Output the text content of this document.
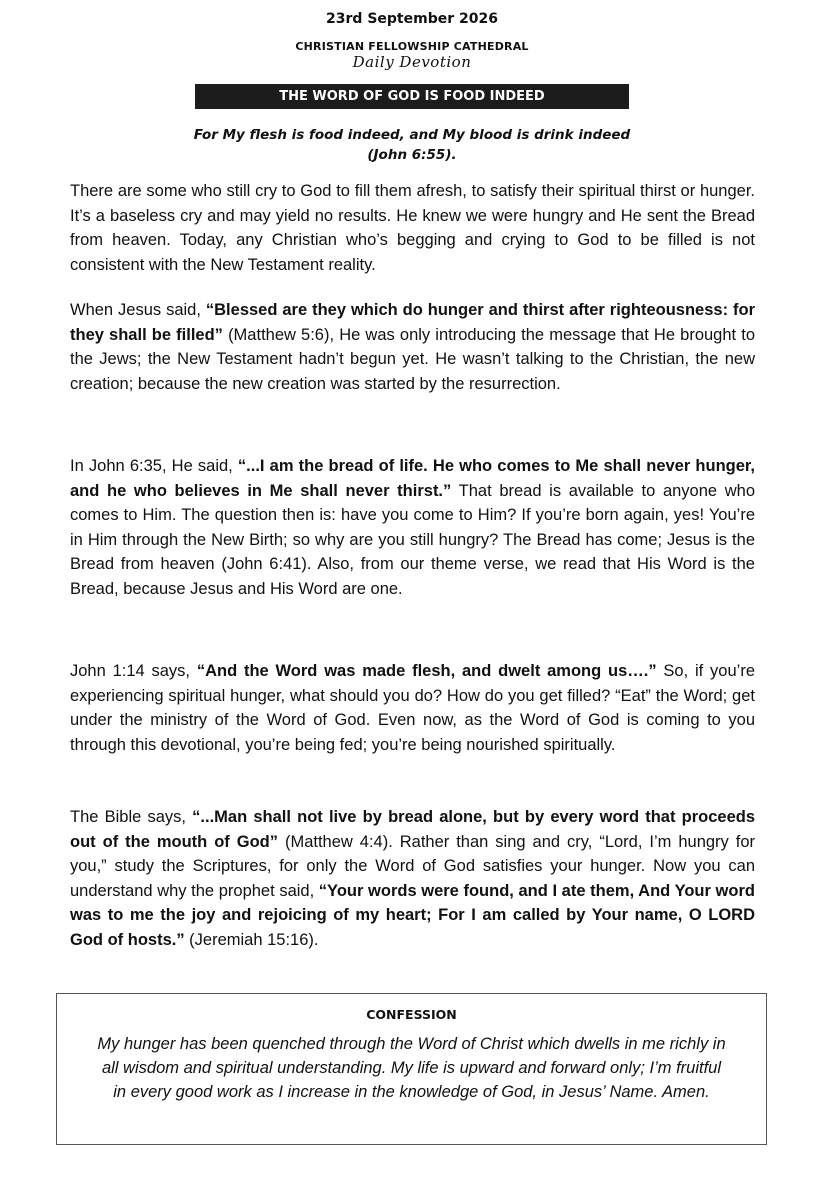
23rd September 2026
CHRISTIAN FELLOWSHIP CATHEDRAL
Daily Devotion
THE WORD OF GOD IS FOOD INDEED
For My flesh is food indeed, and My blood is drink indeed
(John 6:55).

There are some who still cry to God to fill them afresh, to satisfy their spiritual thirst or hunger. It’s a baseless cry and may yield no results. He knew we were hungry and He sent the Bread from heaven. Today, any Christian who’s begging and crying to God to be filled is not consistent with the New Testament reality.

When Jesus said, “Blessed are they which do hunger and thirst after righteousness: for they shall be filled” (Matthew 5:6), He was only introducing the message that He brought to the Jews; the New Testament hadn’t begun yet. He wasn’t talking to the Christian, the new creation; because the new creation was started by the resurrection.

In John 6:35, He said, “...I am the bread of life. He who comes to Me shall never hunger, and he who believes in Me shall never thirst.” That bread is available to anyone who comes to Him. The question then is: have you come to Him? If you’re born again, yes! You’re in Him through the New Birth; so why are you still hungry? The Bread has come; Jesus is the Bread from heaven (John 6:41). Also, from our theme verse, we read that His Word is the Bread, because Jesus and His Word are one.

John 1:14 says, “And the Word was made flesh, and dwelt among us….” So, if you’re experiencing spiritual hunger, what should you do? How do you get filled? “Eat” the Word; get under the ministry of the Word of God. Even now, as the Word of God is coming to you through this devotional, you’re being fed; you’re being nourished spiritually.

The Bible says, “...Man shall not live by bread alone, but by every word that proceeds out of the mouth of God” (Matthew 4:4). Rather than sing and cry, “Lord, I’m hungry for you,” study the Scriptures, for only the Word of God satisfies your hunger. Now you can understand why the prophet said, “Your words were found, and I ate them, And Your word was to me the joy and rejoicing of my heart; For I am called by Your name, O LORD God of hosts.” (Jeremiah 15:16).

CONFESSION

My hunger has been quenched through the Word of Christ which dwells in me richly in all wisdom and spiritual understanding. My life is upward and forward only; I’m fruitful in every good work as I increase in the knowledge of God, in Jesus’ Name. Amen.
